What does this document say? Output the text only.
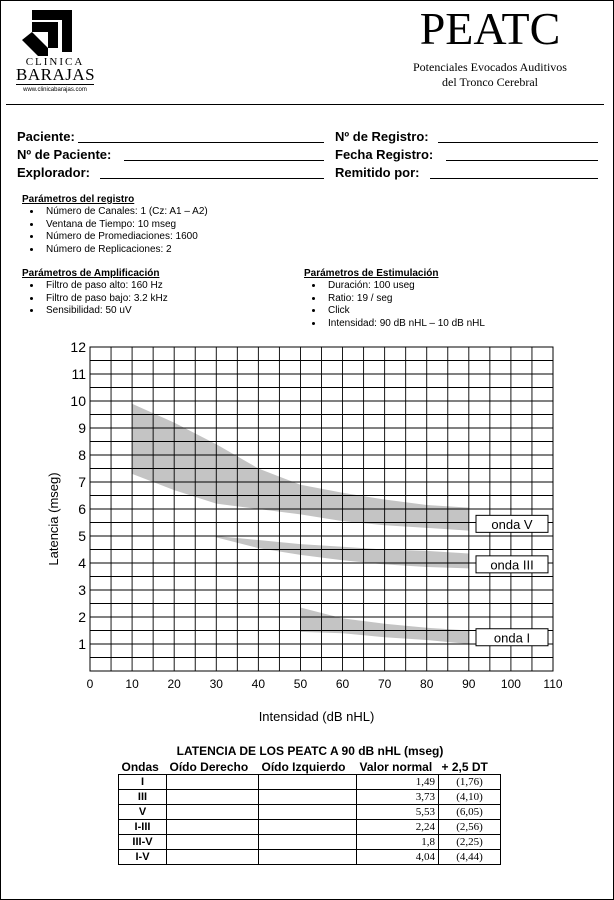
CLINICA
BARAJAS
www.clinicabarajas.com
PEATC
Potenciales Evocados Auditivos
del Tronco Cerebral
Paciente:	Nº de Registro:
Nº de Paciente:	Fecha Registro:
Explorador:	Remitido por:
Parámetros del registro
• Número de Canales: 1 (Cz: A1 – A2)
• Ventana de Tiempo: 10 mseg
• Número de Promediaciones: 1600
• Número de Replicaciones: 2
Parámetros de Amplificación
• Filtro de paso alto: 160 Hz
• Filtro de paso bajo: 3.2 kHz
• Sensibilidad: 50 uV
Parámetros de Estimulación
• Duración: 100 useg
• Ratio: 19 / seg
• Click
• Intensidad: 90 dB nHL – 10 dB nHL
0	10 20 30 40 50 60 70 80 90 100 110
1
2
3
4
5
6
7
8
9
10
11
12
Intensidad (dB nHL)
Latencia (mseg)	onda V
onda III
onda I
LATENCIA DE LOS PEATC A 90 dB nHL (mseg)
Ondas	Oído Derecho	Oído Izquierdo	Valor normal	+ 2,5 DT
I			1,49	(1,76)
III			3,73	(4,10)
V			5,53	(6,05)
I-III			2,24	(2,56)
III-V			1,8	(2,25)
I-V			4,04	(4,44)
